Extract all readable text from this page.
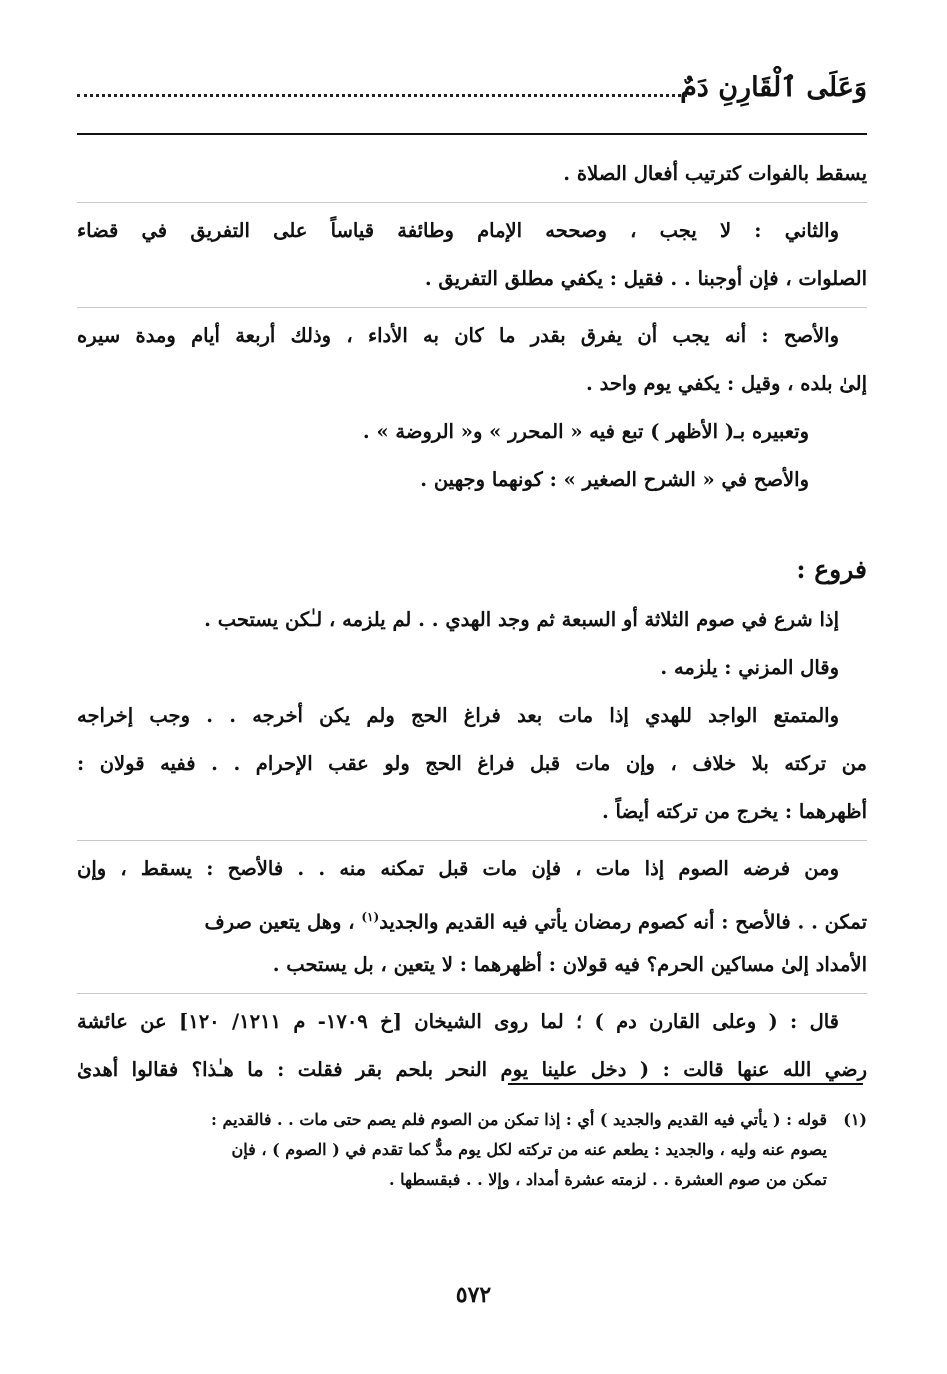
وَعَلَى ٱلْقَارِنِ دَمٌ
يسقط بالفوات كترتيب أفعال الصلاة .
والثاني : لا يجب ، وصححه الإمام وطائفة قياساً على التفريق في قضاء
الصلوات ، فإن أوجبنا . . فقيل : يكفي مطلق التفريق .
والأصح : أنه يجب أن يفرق بقدر ما كان به الأداء ، وذلك أربعة أيام ومدة سيره
إلىٰ بلده ، وقيل : يكفي يوم واحد .
وتعبيره بـ( الأظهر ) تبع فيه « المحرر » و« الروضة » .
والأصح في « الشرح الصغير » : كونهما وجهين .
فروع :
إذا شرع في صوم الثلاثة أو السبعة ثم وجد الهدي . . لم يلزمه ، لـٰكن يستحب .
وقال المزني : يلزمه .
والمتمتع الواجد للهدي إذا مات بعد فراغ الحج ولم يكن أخرجه . . وجب إخراجه
من تركته بلا خلاف ، وإن مات قبل فراغ الحج ولو عقب الإحرام . . ففيه قولان :
أظهرهما : يخرج من تركته أيضاً .
ومن فرضه الصوم إذا مات ، فإن مات قبل تمكنه منه . . فالأصح : يسقط ، وإن
تمكن . . فالأصح : أنه كصوم رمضان يأتي فيه القديم والجديد$^{(١)}$ ، وهل يتعين صرف
الأمداد إلىٰ مساكين الحرم؟ فيه قولان : أظهرهما : لا يتعين ، بل يستحب .
قال : ( وعلى القارن دم ) ؛ لما روى الشيخان [خ ١٧٠٩- م ١٢١١/ ١٢٠] عن عائشة
رضي الله عنها قالت : ( دخل علينا يوم النحر بلحم بقر فقلت : ما هـٰذا؟ فقالوا أهدىٰ
(١)قوله : ( يأتي فيه القديم والجديد ) أي : إذا تمكن من الصوم فلم يصم حتى مات . . فالقديم :
يصوم عنه وليه ، والجديد : يطعم عنه من تركته لكل يوم مدٌّ كما تقدم في ( الصوم ) ، فإن
تمكن من صوم العشرة . . لزمته عشرة أمداد ، وإلا . . فبقسطها .
٥٧٢
